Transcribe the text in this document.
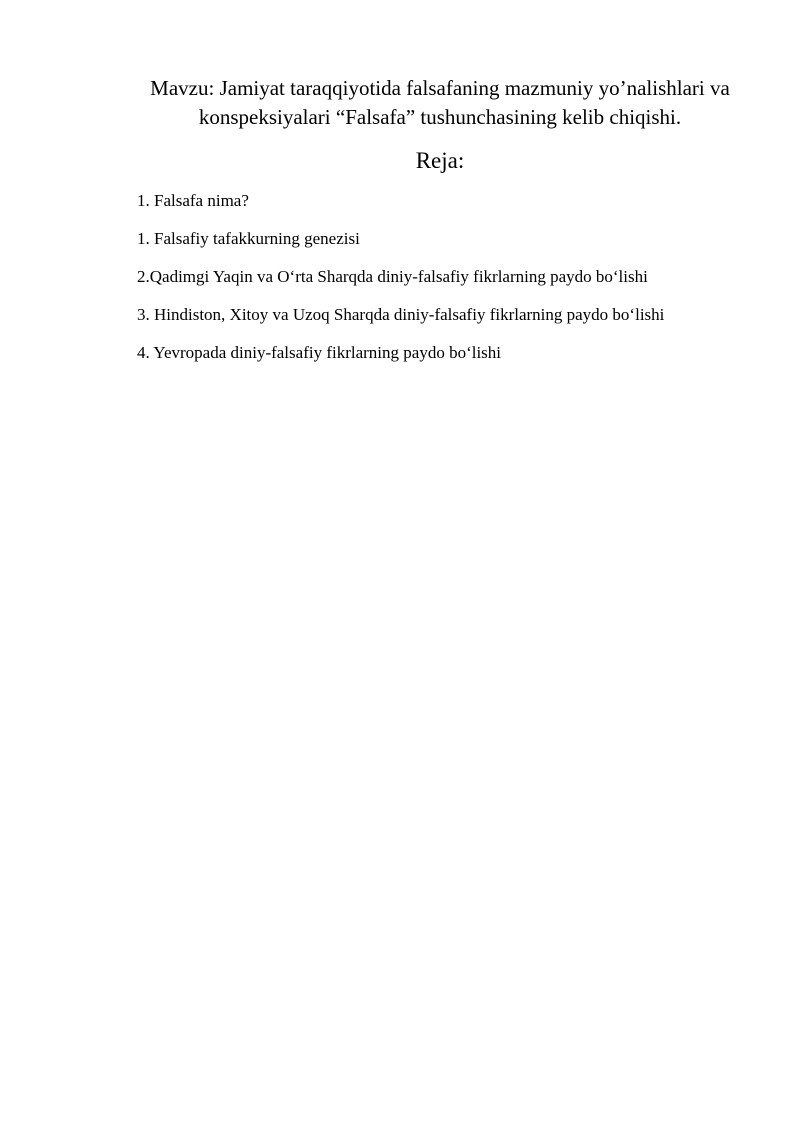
Mavzu: Jamiyat taraqqiyotida falsafaning mazmuniy yo’nalishlari va
konspeksiyalari “Falsafa” tushunchasining kelib chiqishi.
Reja:
1. Falsafa nima?
1. Falsafiy tafakkurning genezisi
2.Qadimgi Yaqin va O‘rta Sharqda diniy-falsafiy fikrlarning paydo bo‘lishi
3. Hindiston, Xitoy va Uzoq Sharqda diniy-falsafiy fikrlarning paydo bo‘lishi
4. Yevropada diniy-falsafiy fikrlarning paydo bo‘lishi
